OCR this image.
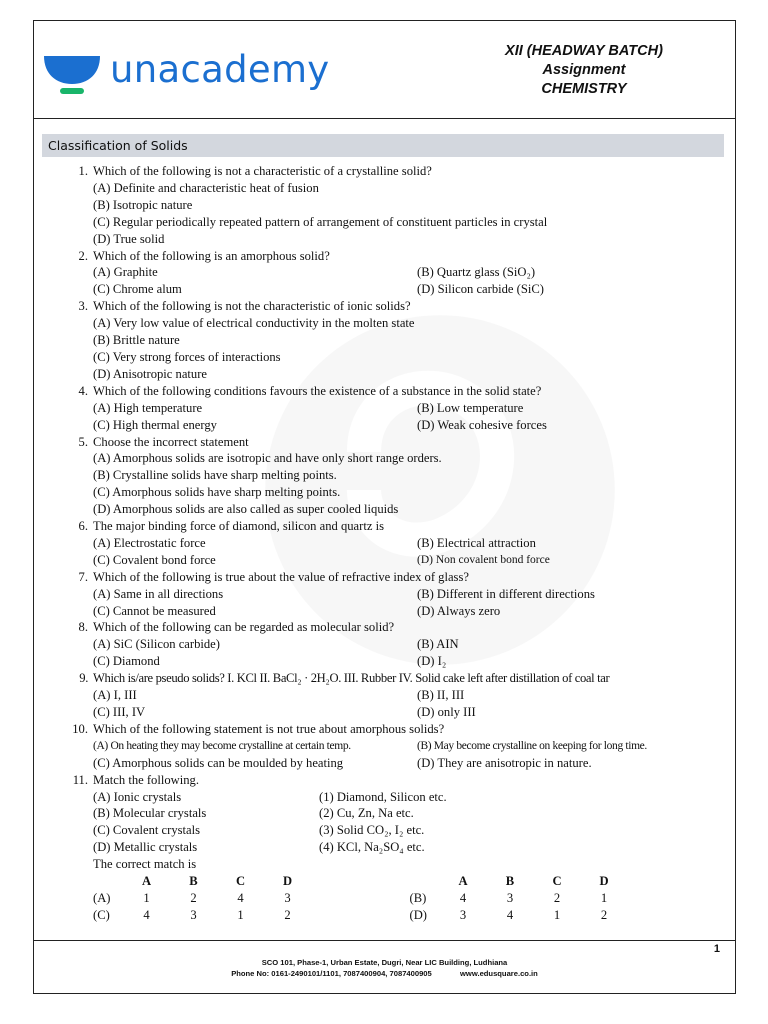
unacademy	XII (HEADWAY BATCH)
Assignment
CHEMISTRY
Classification of Solids
1. Which of the following is not a characteristic of a crystalline solid?
(A) Definite and characteristic heat of fusion
(B) Isotropic nature
(C) Regular periodically repeated pattern of arrangement of constituent particles in crystal
(D) True solid
2. Which of the following is an amorphous solid?
(A) Graphite	(B) Quartz glass (SiO₂)
(C) Chrome alum	(D) Silicon carbide (SiC)
3. Which of the following is not the characteristic of ionic solids?
(A) Very low value of electrical conductivity in the molten state
(B) Brittle nature
(C) Very strong forces of interactions
(D) Anisotropic nature
4. Which of the following conditions favours the existence of a substance in the solid state?
(A) High temperature	(B) Low temperature
(C) High thermal energy	(D) Weak cohesive forces
5. Choose the incorrect statement
(A) Amorphous solids are isotropic and have only short range orders.
(B) Crystalline solids have sharp melting points.
(C) Amorphous solids have sharp melting points.
(D) Amorphous solids are also called as super cooled liquids
6. The major binding force of diamond, silicon and quartz is
(A) Electrostatic force	(B) Electrical attraction
(C) Covalent bond force	(D) Non covalent bond force
7. Which of the following is true about the value of refractive index of glass?
(A) Same in all directions	(B) Different in different directions
(C) Cannot be measured	(D) Always zero
8. Which of the following can be regarded as molecular solid?
(A) SiC (Silicon carbide)	(B) AIN
(C) Diamond	(D) I₂
9. Which is/are pseudo solids? I. KCl II. BaCl₂ · 2H₂O. III. Rubber IV. Solid cake left after distillation of coal tar
(A) I, III	(B) II, III
(C) III, IV	(D) only III
10. Which of the following statement is not true about amorphous solids?
(A) On heating they may become crystalline at certain temp.	(B) May become crystalline on keeping for long time.
(C) Amorphous solids can be moulded by heating	(D) They are anisotropic in nature.
11. Match the following.
(A) Ionic crystals	(1) Diamond, Silicon etc.
(B) Molecular crystals	(2) Cu, Zn, Na etc.
(C) Covalent crystals	(3) Solid CO₂, I₂ etc.
(D) Metallic crystals	(4) KCl, Na₂SO₄ etc.
The correct match is
A	B	C	D
(A)	1	2	4	3
(C)	4	3	1	2
A	B	C	D
(B)	4	3	2	1
(D)	3	4	1	2
1
SCO 101, Phase-1, Urban Estate, Dugri, Near LIC Building, Ludhiana
Phone No: 0161-2490101/1101, 7087400904, 7087400905	www.edusquare.co.in
